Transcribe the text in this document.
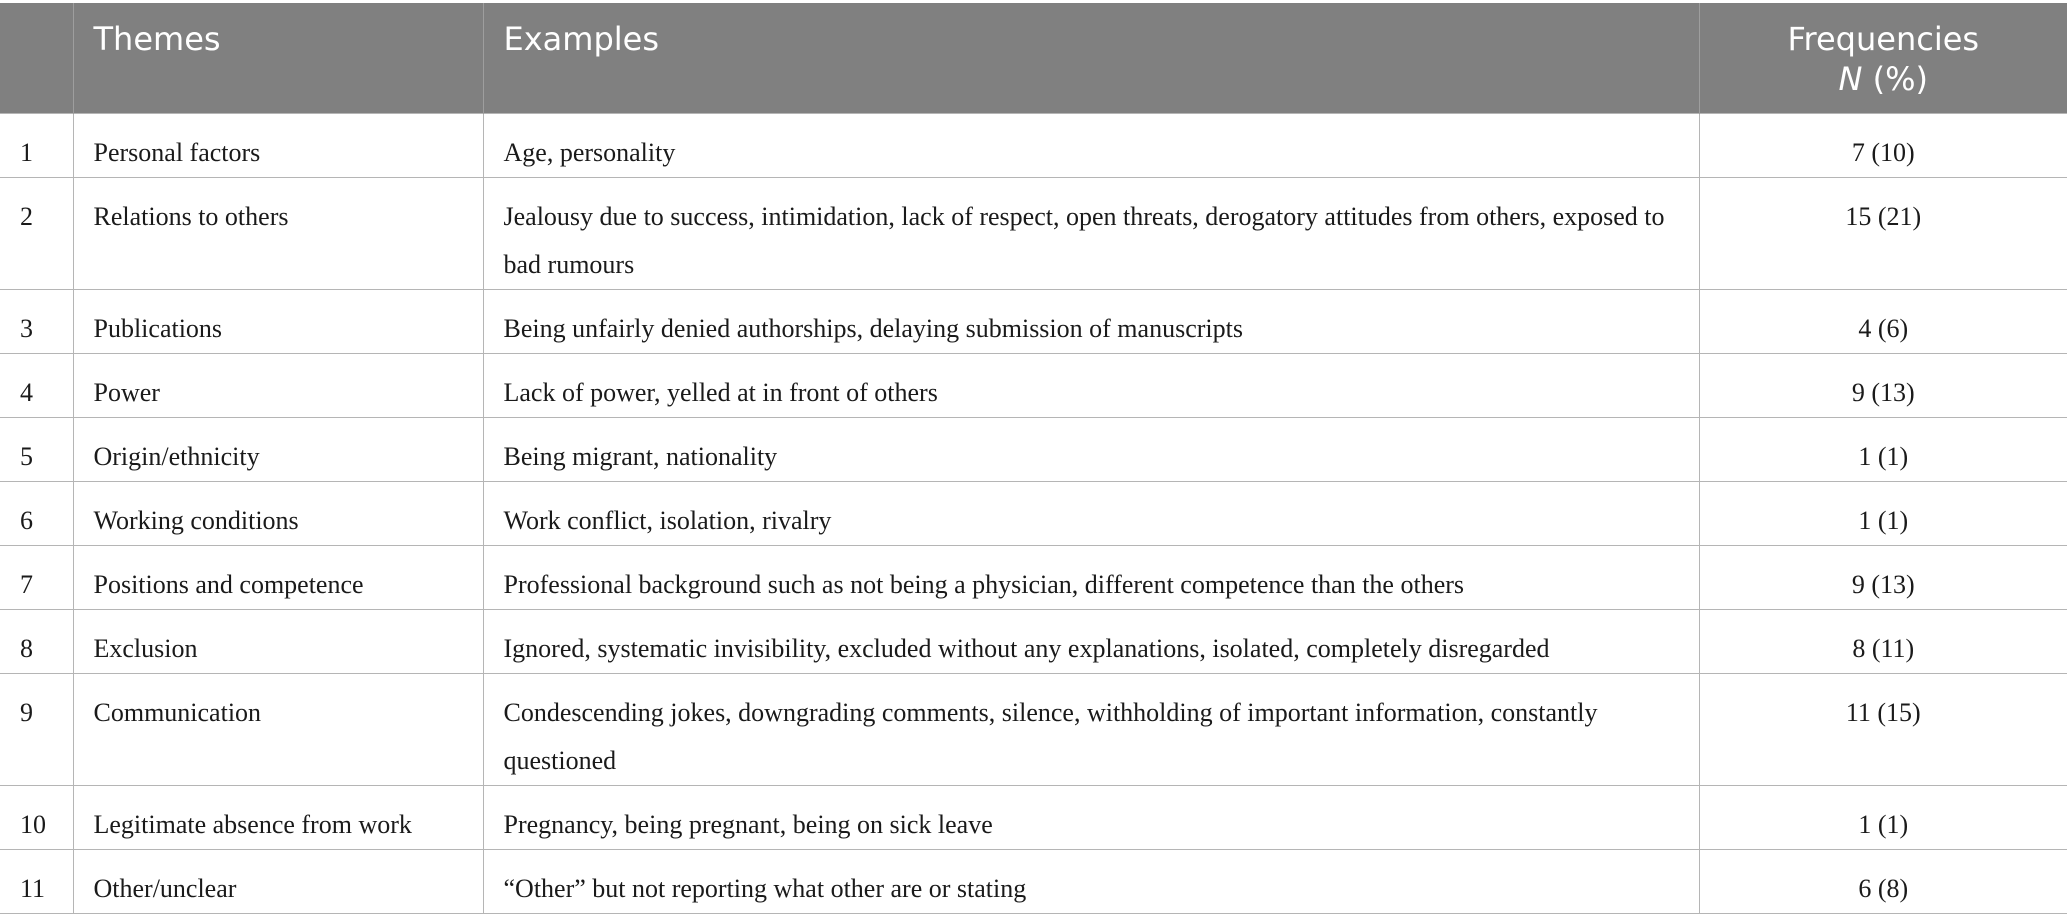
	Themes	Examples	Frequencies
N (%)

1	Personal factors	Age, personality	7 (10)
2	Relations to others	Jealousy due to success, intimidation, lack of respect, open threats, derogatory attitudes from others, exposed to bad rumours	15 (21)
3	Publications	Being unfairly denied authorships, delaying submission of manuscripts	4 (6)
4	Power	Lack of power, yelled at in front of others	9 (13)
5	Origin/ethnicity	Being migrant, nationality	1 (1)
6	Working conditions	Work conflict, isolation, rivalry	1 (1)
7	Positions and competence	Professional background such as not being a physician, different competence than the others	9 (13)
8	Exclusion	Ignored, systematic invisibility, excluded without any explanations, isolated, completely disregarded	8 (11)
9	Communication	Condescending jokes, downgrading comments, silence, withholding of important information, constantly questioned	11 (15)
10	Legitimate absence from work	Pregnancy, being pregnant, being on sick leave	1 (1)
11	Other/unclear	“Other” but not reporting what other are or stating	6 (8)
